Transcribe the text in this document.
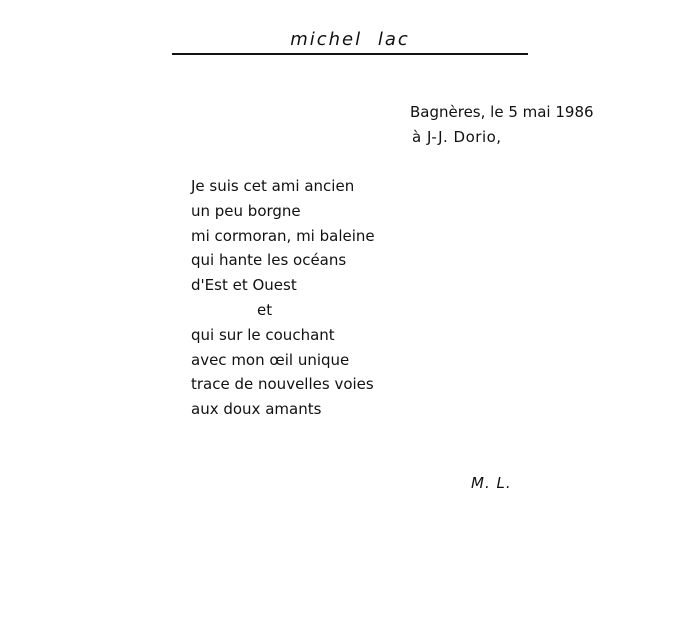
michel lac
Bagnères, le 5 mai 1986
à J-J. Dorio,
Je suis cet ami ancien
un peu borgne
mi cormoran, mi baleine
qui hante les océans
d'Est et Ouest
et
qui sur le couchant
avec mon œil unique
trace de nouvelles voies
aux doux amants
M. L.
